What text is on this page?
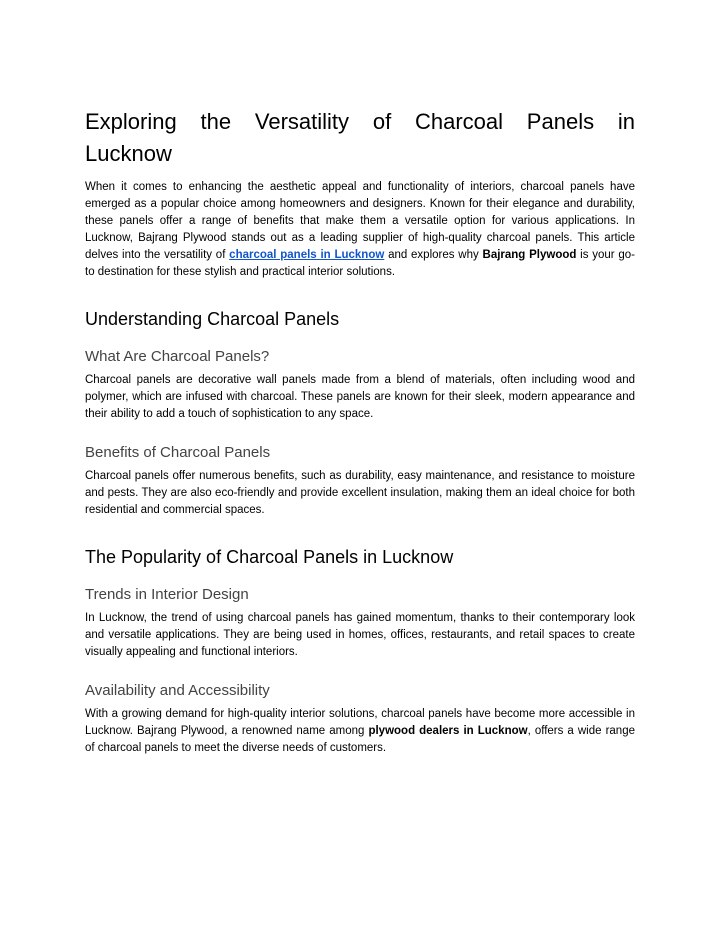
Exploring the Versatility of Charcoal Panels in Lucknow

When it comes to enhancing the aesthetic appeal and functionality of interiors, charcoal panels have emerged as a popular choice among homeowners and designers. Known for their elegance and durability, these panels offer a range of benefits that make them a versatile option for various applications. In Lucknow, Bajrang Plywood stands out as a leading supplier of high-quality charcoal panels. This article delves into the versatility of charcoal panels in Lucknow and explores why Bajrang Plywood is your go-to destination for these stylish and practical interior solutions.

Understanding Charcoal Panels
What Are Charcoal Panels?

Charcoal panels are decorative wall panels made from a blend of materials, often including wood and polymer, which are infused with charcoal. These panels are known for their sleek, modern appearance and their ability to add a touch of sophistication to any space.

Benefits of Charcoal Panels

Charcoal panels offer numerous benefits, such as durability, easy maintenance, and resistance to moisture and pests. They are also eco-friendly and provide excellent insulation, making them an ideal choice for both residential and commercial spaces.

The Popularity of Charcoal Panels in Lucknow
Trends in Interior Design

In Lucknow, the trend of using charcoal panels has gained momentum, thanks to their contemporary look and versatile applications. They are being used in homes, offices, restaurants, and retail spaces to create visually appealing and functional interiors.

Availability and Accessibility

With a growing demand for high-quality interior solutions, charcoal panels have become more accessible in Lucknow. Bajrang Plywood, a renowned name among plywood dealers in Lucknow, offers a wide range of charcoal panels to meet the diverse needs of customers.
